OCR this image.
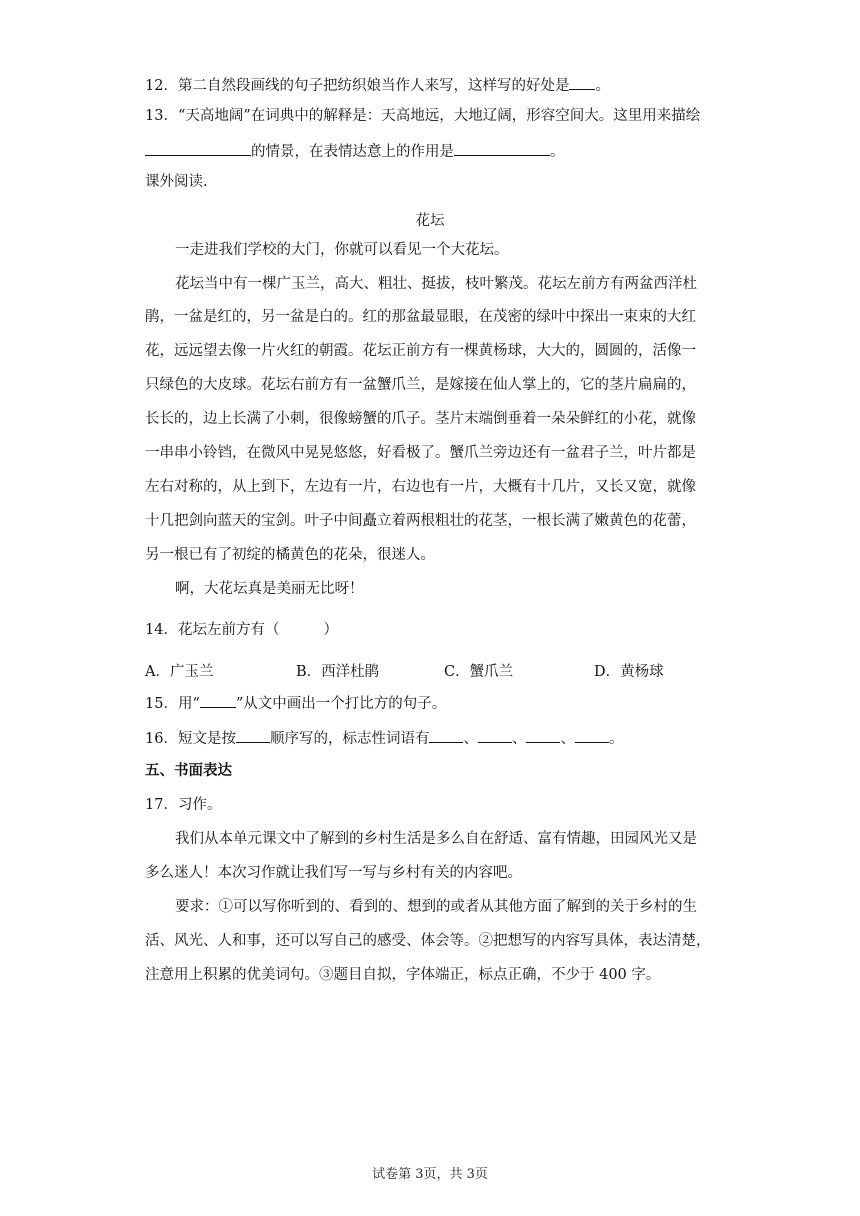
12．第二自然段画线的句子把纺织娘当作人来写，这样写的好处是 。
13．“天高地阔”在词典中的解释是：天高地远，大地辽阔，形容空间大。这里用来描绘
的情景，在表情达意上的作用是	。
课外阅读.
花坛
一走进我们学校的大门，你就可以看见一个大花坛。
花坛当中有一棵广玉兰，高大、粗壮、挺拔，枝叶繁茂。花坛左前方有两盆西洋杜
鹃，一盆是红的，另一盆是白的。红的那盆最显眼，在茂密的绿叶中探出一束束的大红
花，远远望去像一片火红的朝霞。花坛正前方有一棵黄杨球，大大的，圆圆的，活像一
只绿色的大皮球。花坛右前方有一盆蟹爪兰，是嫁接在仙人掌上的，它的茎片扁扁的，
长长的，边上长满了小刺，很像螃蟹的爪子。茎片末端倒垂着一朵朵鲜红的小花，就像
一串串小铃铛，在微风中晃晃悠悠，好看极了。蟹爪兰旁边还有一盆君子兰，叶片都是
左右对称的，从上到下，左边有一片，右边也有一片，大概有十几片，又长又宽，就像
十几把剑向蓝天的宝剑。叶子中间矗立着两根粗壮的花茎，一根长满了嫩黄色的花蕾，
另一根已有了初绽的橘黄色的花朵，很迷人。
啊，大花坛真是美丽无比呀！
14．花坛左前方有（	）
A．广玉兰	B．西洋杜鹃	C．蟹爪兰	D．黄杨球
15．用“ ”从文中画出一个打比方的句子。
16．短文是按 顺序写的，标志性词语有 、 、 、 。
五、书面表达
17．习作。
我们从本单元课文中了解到的乡村生活是多么自在舒适、富有情趣，田园风光又是
多么迷人！本次习作就让我们写一写与乡村有关的内容吧。
要求：①可以写你听到的、看到的、想到的或者从其他方面了解到的关于乡村的生
活、风光、人和事，还可以写自己的感受、体会等。②把想写的内容写具体，表达清楚，
注意用上积累的优美词句。③题目自拟，字体端正，标点正确，不少于 400 字。
试卷第 3页，共 3页
